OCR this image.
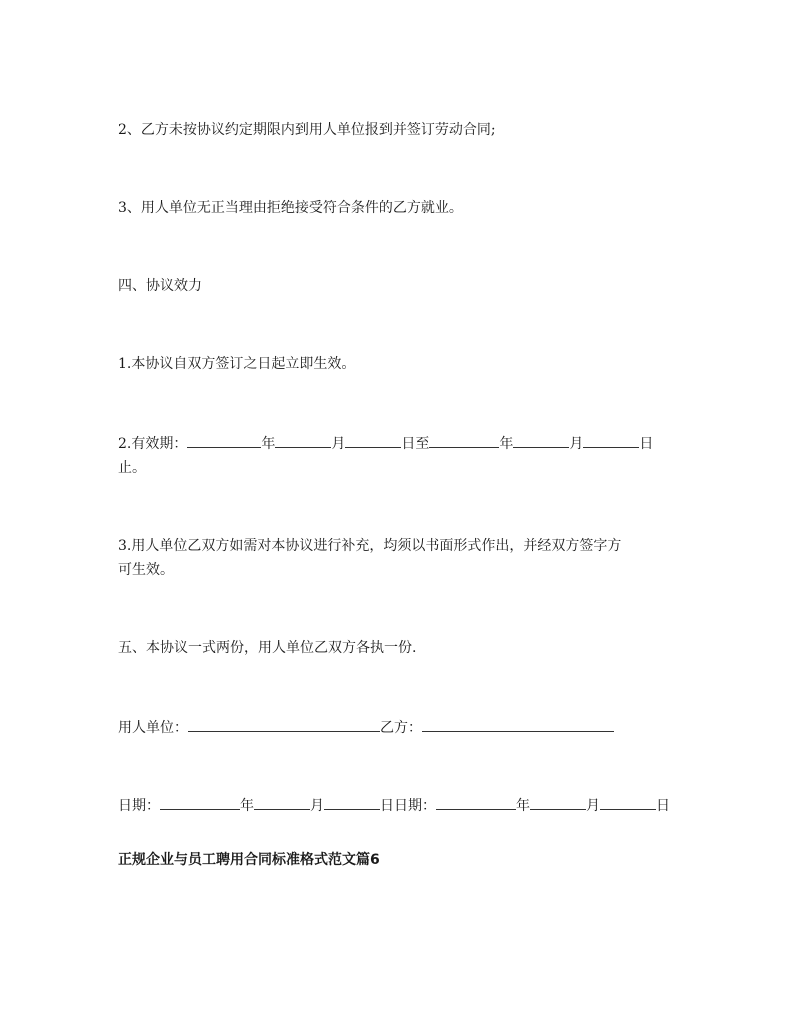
2、乙方未按协议约定期限内到用人单位报到并签订劳动合同;

3、用人单位无正当理由拒绝接受符合条件的乙方就业。

四、协议效力

1.本协议自双方签订之日起立即生效。

2.有效期：	年	月	日至	年	月	日

止。

3.用人单位乙双方如需对本协议进行补充，均须以书面形式作出，并经双方签字方

可生效。

五、本协议一式两份，用人单位乙双方各执一份.

用人单位：	乙方：
日期：	年	月	日日期：	年	月	日

正规企业与员工聘用合同标准格式范文篇6
